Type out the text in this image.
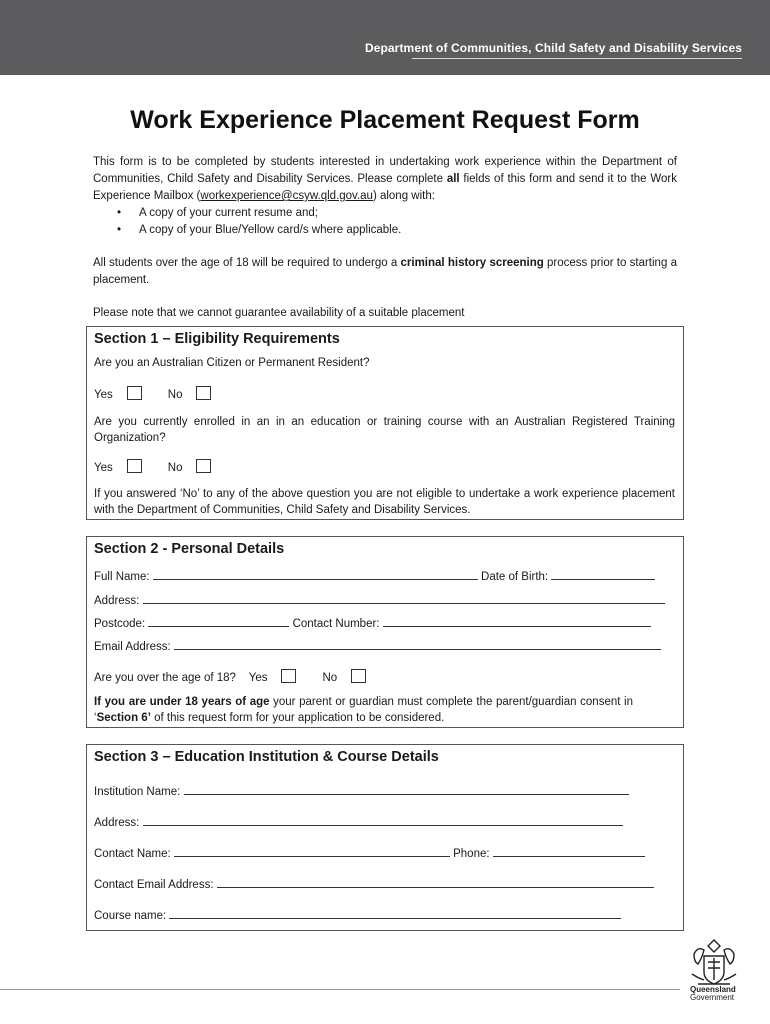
Department of Communities, Child Safety and Disability Services
Work Experience Placement Request Form

This form is to be completed by students interested in undertaking work experience within the Department of Communities, Child Safety and Disability Services. Please complete all fields of this form and send it to the Work Experience Mailbox (workexperience@csyw.qld.gov.au) along with:

• A copy of your current resume and;
• A copy of your Blue/Yellow card/s where applicable.

All students over the age of 18 will be required to undergo a criminal history screening process prior to starting a placement.

Please note that we cannot guarantee availability of a suitable placement

Section 1 – Eligibility Requirements
Are you an Australian Citizen or Permanent Resident?
Yes	No
Are you currently enrolled in an in an education or training course with an Australian Registered Training Organization?
Yes	No
If you answered ‘No’ to any of the above question you are not eligible to undertake a work experience placement with the Department of Communities, Child Safety and Disability Services.
Section 2 - Personal Details
Full Name:	Date of Birth:
Address:
Postcode:	Contact Number:
Email Address:
Are you over the age of 18? Yes	No
If you are under 18 years of age your parent or guardian must complete the parent/guardian consent in ‘Section 6’ of this request form for your application to be considered.
Section 3 – Education Institution & Course Details
Institution Name:
Address:
Contact Name:	Phone:
Contact Email Address:
Course name:
Queensland
Government
